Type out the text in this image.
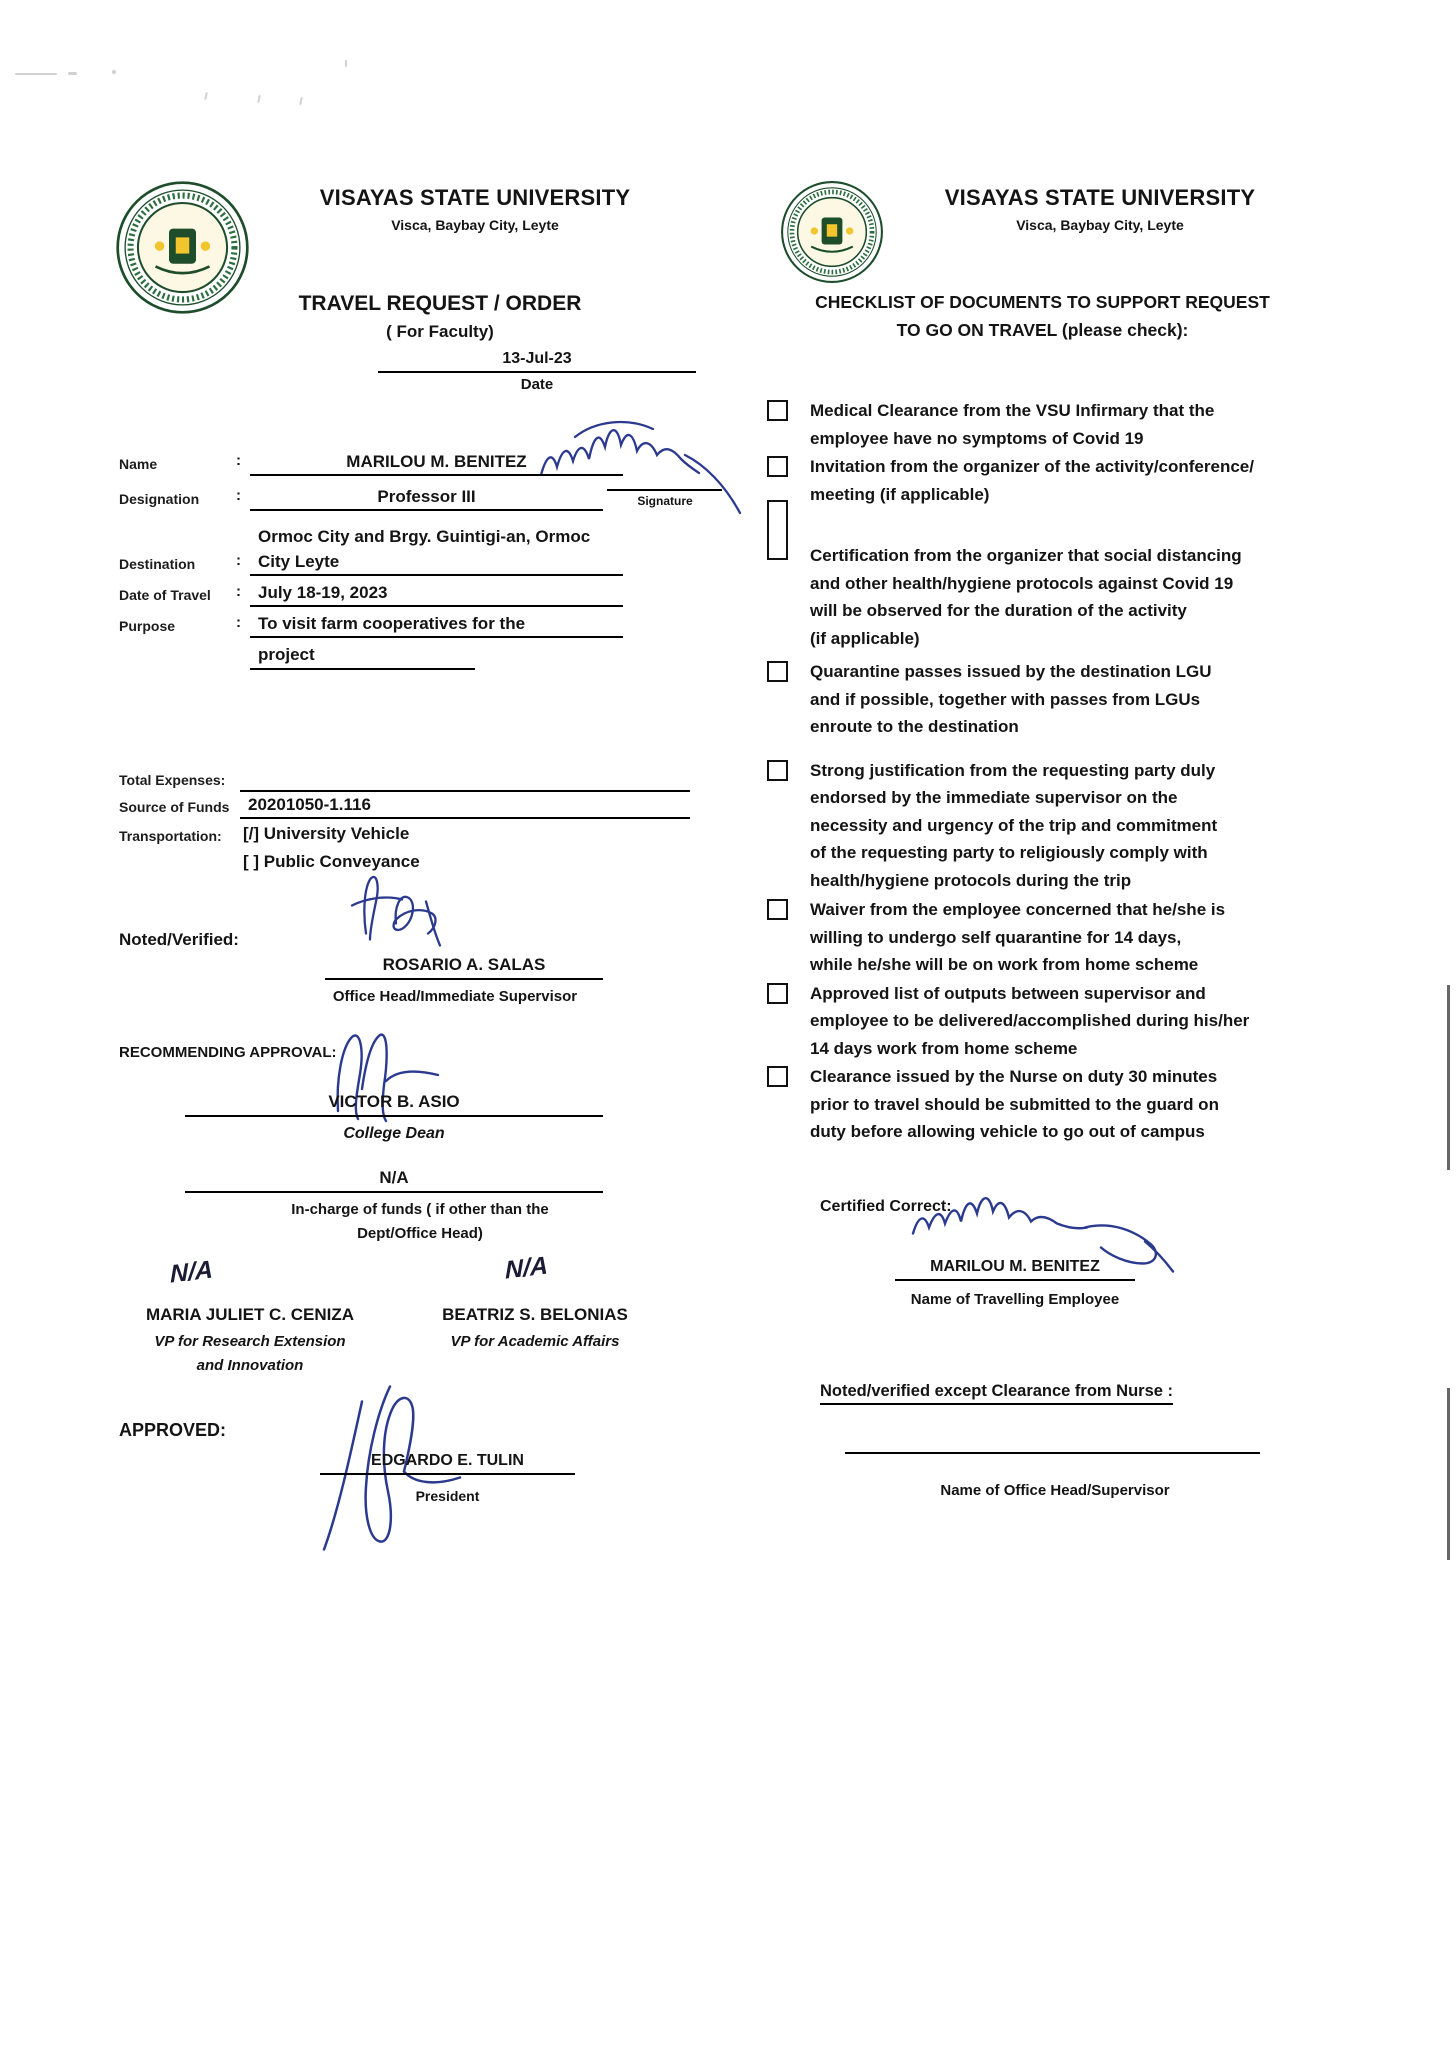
VISAYAS STATE UNIVERSITY
Visca, Baybay City, Leyte
TRAVEL REQUEST / ORDER
( For Faculty)
13-Jul-23
Date
Name	:	MARILOU M. BENITEZ
Designation :	Professor III	Signature
Ormoc City and Brgy. Guintigi-an, Ormoc
Destination	:	City Leyte
Date of Travel :	July 18-19, 2023
Purpose	:	To visit farm cooperatives for the
project
Total Expenses:
Source of Funds	20201050-1.116
Transportation: [/] University Vehicle
[ ] Public Conveyance
Noted/Verified:
ROSARIO A. SALAS
Office Head/Immediate Supervisor
RECOMMENDING APPROVAL:
VICTOR B. ASIO
College Dean
N/A
In-charge of funds ( if other than the
Dept/Office Head)
N/A	N/A
MARIA JULIET C. CENIZA
VP for Research Extension
and Innovation
BEATRIZ S. BELONIAS
VP for Academic Affairs
APPROVED:
EDGARDO E. TULIN
President
VISAYAS STATE UNIVERSITY
Visca, Baybay City, Leyte
CHECKLIST OF DOCUMENTS TO SUPPORT REQUEST
TO GO ON TRAVEL (please check):
Medical Clearance from the VSU Infirmary that the
employee have no symptoms of Covid 19
Invitation from the organizer of the activity/conference/
meeting (if applicable)
Certification from the organizer that social distancing
and other health/hygiene protocols against Covid 19
will be observed for the duration of the activity
(if applicable)
Quarantine passes issued by the destination LGU
and if possible, together with passes from LGUs
enroute to the destination
Strong justification from the requesting party duly
endorsed by the immediate supervisor on the
necessity and urgency of the trip and commitment
of the requesting party to religiously comply with
health/hygiene protocols during the trip
Waiver from the employee concerned that he/she is
willing to undergo self quarantine for 14 days,
while he/she will be on work from home scheme
Approved list of outputs between supervisor and
employee to be delivered/accomplished during his/her
14 days work from home scheme
Clearance issued by the Nurse on duty 30 minutes
prior to travel should be submitted to the guard on
duty before allowing vehicle to go out of campus
Certified Correct:
MARILOU M. BENITEZ
Name of Travelling Employee
Noted/verified except Clearance from Nurse :
Name of Office Head/Supervisor
